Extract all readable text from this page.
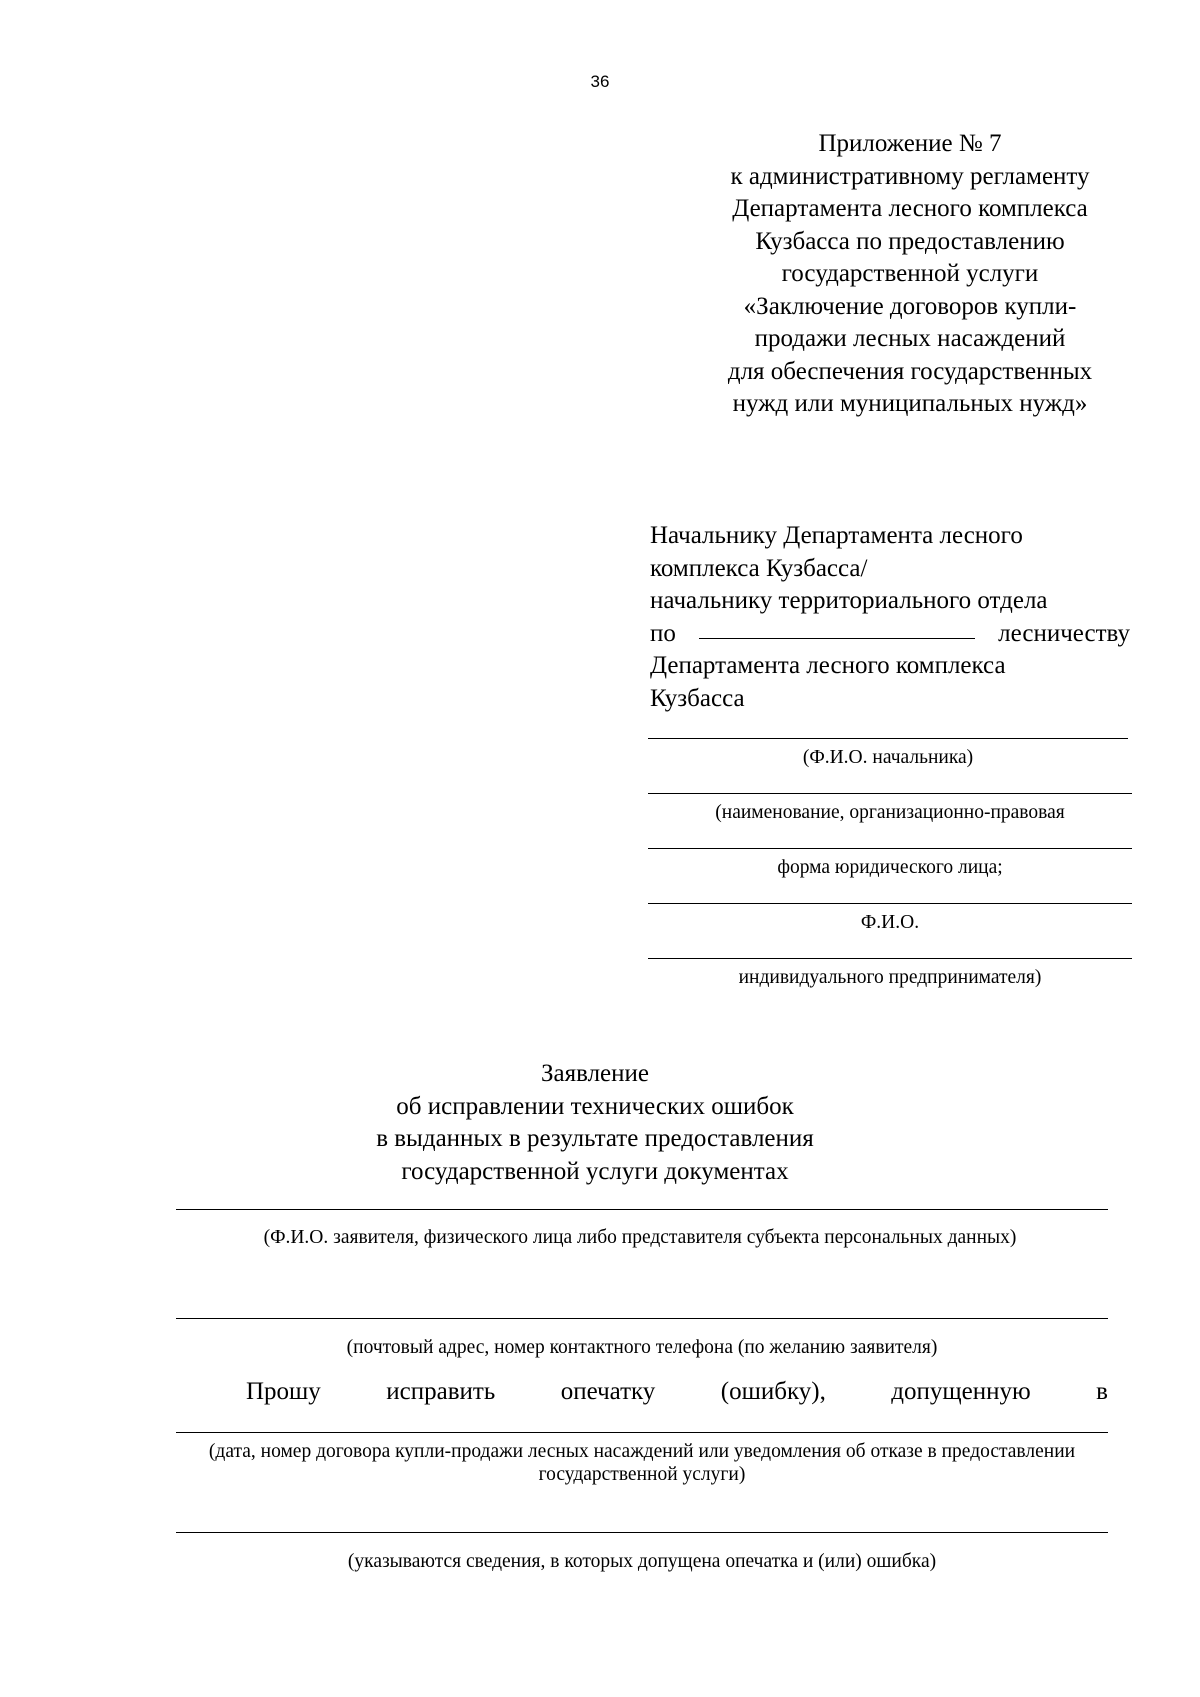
36
Приложение № 7
к административному регламенту
Департамента лесного комплекса
Кузбасса по предоставлению
государственной услуги
«Заключение договоров купли-
продажи лесных насаждений
для обеспечения государственных
нужд или муниципальных нужд»
Начальнику Департамента лесного
комплекса Кузбасса/
начальнику территориального отдела
по	лесничеству
Департамента лесного комплекса
Кузбасса
(Ф.И.О. начальника)
(наименование, организационно-правовая
форма юридического лица;
Ф.И.О.
индивидуального предпринимателя)
Заявление
об исправлении технических ошибок
в выданных в результате предоставления
государственной услуги документах
(Ф.И.О. заявителя, физического лица либо представителя субъекта персональных данных)
(почтовый адрес, номер контактного телефона (по желанию заявителя)
Прошу	исправить	опечатку	(ошибку),	допущенную	в
(дата, номер договора купли-продажи лесных насаждений или уведомления об отказе в предоставлении государственной услуги)
(указываются сведения, в которых допущена опечатка и (или) ошибка)
